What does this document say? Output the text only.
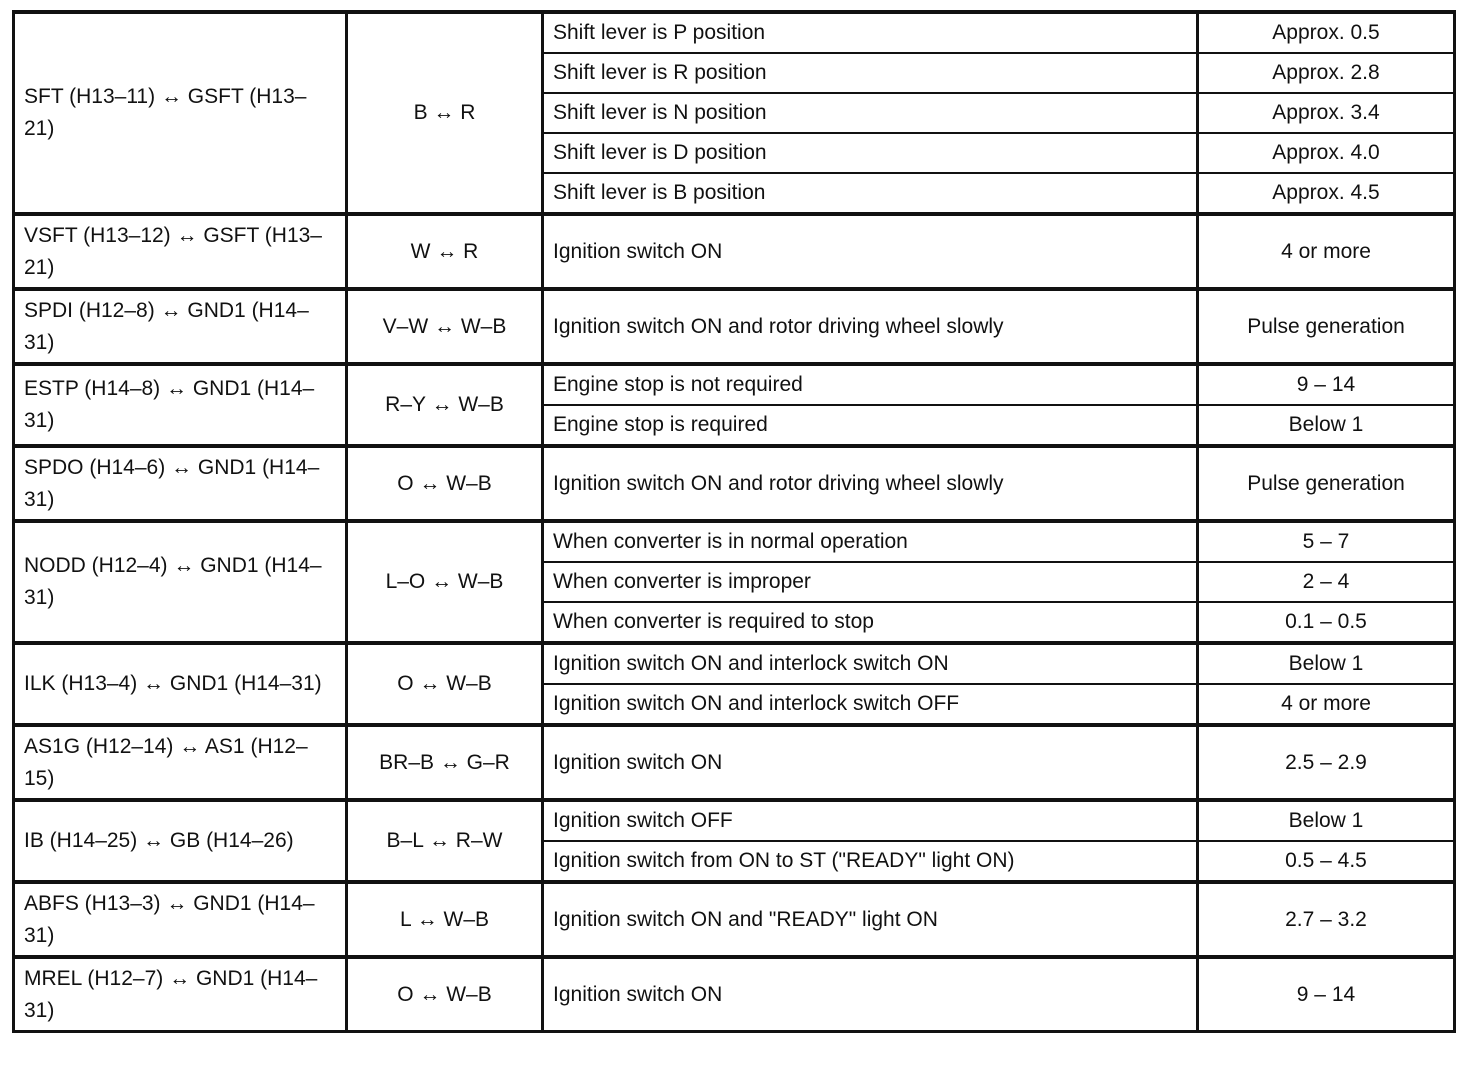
SFT (H13–11) ↔ GSFT (H13–21)	B ↔ R	Shift lever is P position	Approx. 0.5
		Shift lever is R position	Approx. 2.8
		Shift lever is N position	Approx. 3.4
		Shift lever is D position	Approx. 4.0
		Shift lever is B position	Approx. 4.5
VSFT (H13–12) ↔ GSFT (H13–21)	W ↔ R	Ignition switch ON	4 or more
SPDI (H12–8) ↔ GND1 (H14–31)	V–W ↔ W–B	Ignition switch ON and rotor driving wheel slowly	Pulse generation
ESTP (H14–8) ↔ GND1 (H14–31)	R–Y ↔ W–B	Engine stop is not required	9 – 14
		Engine stop is required	Below 1
SPDO (H14–6) ↔ GND1 (H14–31)	O ↔ W–B	Ignition switch ON and rotor driving wheel slowly	Pulse generation
NODD (H12–4) ↔ GND1 (H14–31)	L–O ↔ W–B	When converter is in normal operation	5 – 7
		When converter is improper	2 – 4
		When converter is required to stop	0.1 – 0.5
ILK (H13–4) ↔ GND1 (H14–31)	O ↔ W–B	Ignition switch ON and interlock switch ON	Below 1
		Ignition switch ON and interlock switch OFF	4 or more
AS1G (H12–14) ↔ AS1 (H12–15)	BR–B ↔ G–R	Ignition switch ON	2.5 – 2.9
IB (H14–25) ↔ GB (H14–26)	B–L ↔ R–W	Ignition switch OFF	Below 1
		Ignition switch from ON to ST ("READY" light ON)	0.5 – 4.5
ABFS (H13–3) ↔ GND1 (H14–31)	L ↔ W–B	Ignition switch ON and "READY" light ON	2.7 – 3.2
MREL (H12–7) ↔ GND1 (H14–31)	O ↔ W–B	Ignition switch ON	9 – 14
